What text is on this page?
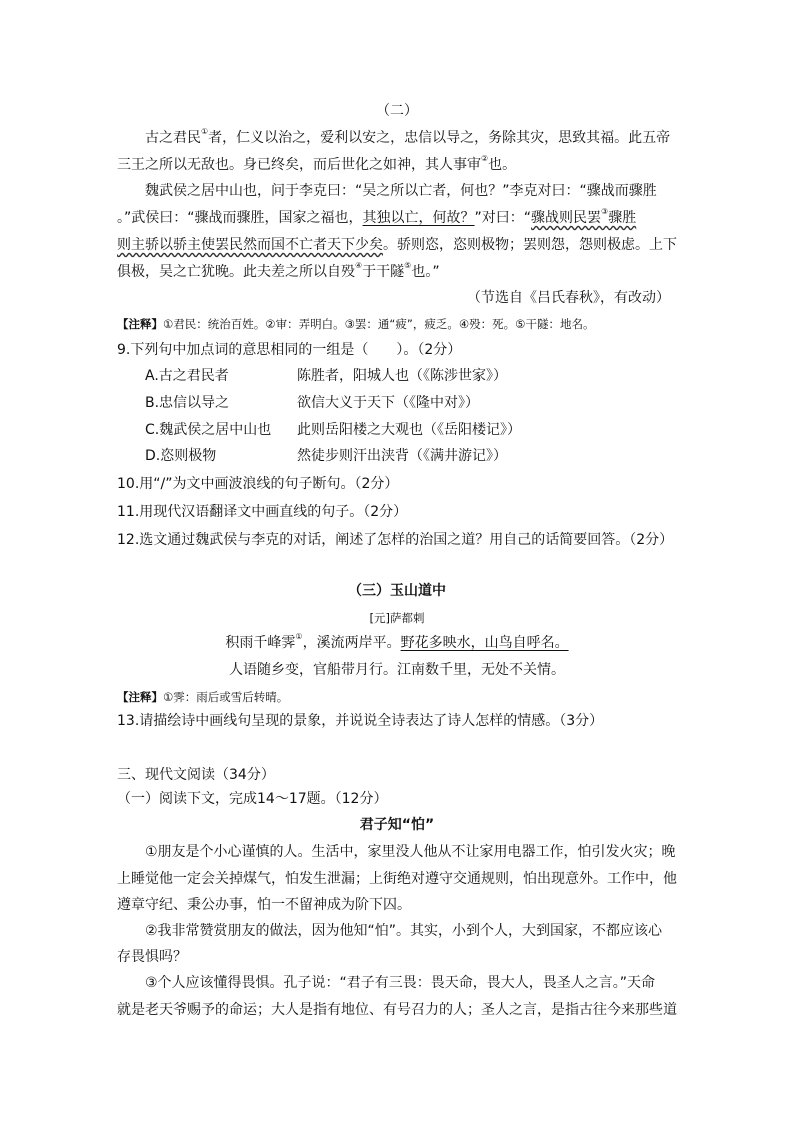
（二）
古之君民①者，仁义以治之，爱利以安之，忠信以导之，务除其灾，思致其福。此五帝
三王之所以无敌也。身已终矣，而后世化之如神，其人事审②也。
魏武侯之居中山也，问于李克曰：“吴之所以亡者，何也？”李克对曰：“骤战而骤胜
。”武侯曰：“骤战而骤胜，国家之福也，其独以亡，何故？”对曰：“骤战则民罢③骤胜
则主骄以骄主使罢民然而国不亡者天下少矣。骄则恣，恣则极物；罢则怨，怨则极虑。上下
俱极，吴之亡犹晚。此夫差之所以自殁④于干隧⑤也。”
（节选自《吕氏春秋》，有改动）
【注释】①君民：统治百姓。②审：弄明白。③罢：通“疲”，疲乏。④殁：死。⑤干隧：地名。
9.下列句中加点词的意思相同的一组是（　　）。（2分）
A.古之君民者	陈胜者，阳城人也（《陈涉世家》）
B.忠信以导之	欲信大义于天下（《隆中对》）
C.魏武侯之居中山也 此则岳阳楼之大观也（《岳阳楼记》）
D.恣则极物	然徒步则汗出浃背（《满井游记》）
10.用“/”为文中画波浪线的句子断句。（2分）
11.用现代汉语翻译文中画直线的句子。（2分）
12.选文通过魏武侯与李克的对话，阐述了怎样的治国之道？用自己的话简要回答。（2分）
（三）玉山道中
[元]萨都剌
积雨千峰霁①，溪流两岸平。野花多映水，山鸟自呼名。
人语随乡变，官船带月行。江南数千里，无处不关情。
【注释】①霁：雨后或雪后转晴。
13.请描绘诗中画线句呈现的景象，并说说全诗表达了诗人怎样的情感。（3分）
三、现代文阅读（34分）
（一）阅读下文，完成14～17题。（12分）
君子知“怕”
①朋友是个小心谨慎的人。生活中，家里没人他从不让家用电器工作，怕引发火灾；晚
上睡觉他一定会关掉煤气，怕发生泄漏；上街绝对遵守交通规则，怕出现意外。工作中，他
遵章守纪、秉公办事，怕一不留神成为阶下囚。
②我非常赞赏朋友的做法，因为他知“怕”。其实，小到个人，大到国家，不都应该心
存畏惧吗？
③个人应该懂得畏惧。孔子说：“君子有三畏：畏天命，畏大人，畏圣人之言。”天命
就是老天爷赐予的命运；大人是指有地位、有号召力的人；圣人之言，是指古往今来那些道
